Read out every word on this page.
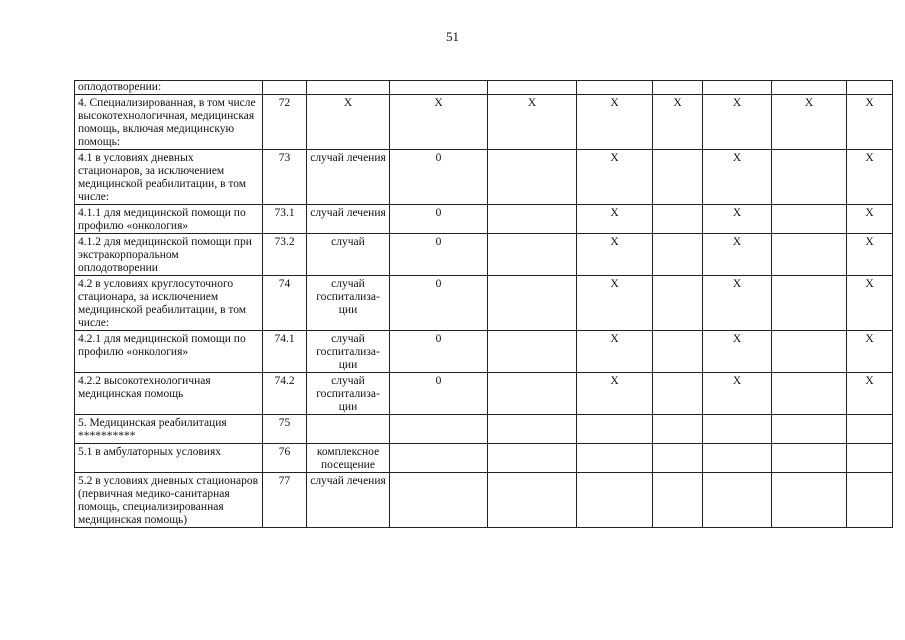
51
оплодотворении:									
4. Специализированная, в том числе высокотехнологичная, медицинская помощь, включая медицинскую помощь:	72	X	X	X	X	X	X	X	X
4.1 в условиях дневных стационаров, за исключением медицинской реабилитации, в том числе:	73	случай лечения	0		X		X		X
4.1.1 для медицинской помощи по профилю «онкология»	73.1	случай лечения	0		X		X		X
4.1.2 для медицинской помощи при экстракорпоральном оплодотворении	73.2	случай	0		X		X		X
4.2 в условиях круглосуточного стационара, за исключением медицинской реабилитации, в том числе:	74	случай госпитализа-ции	0		X		X		X
4.2.1 для медицинской помощи по профилю «онкология»	74.1	случай госпитализа-ции	0		X		X		X
4.2.2 высокотехнологичная медицинская помощь	74.2	случай госпитализа-ции	0		X		X		X
5. Медицинская реабилитация **********	75								
5.1 в амбулаторных условиях	76	комплексное посещение							
5.2 в условиях дневных стационаров (первичная медико-санитарная помощь, специализированная медицинская помощь)	77	случай лечения							
